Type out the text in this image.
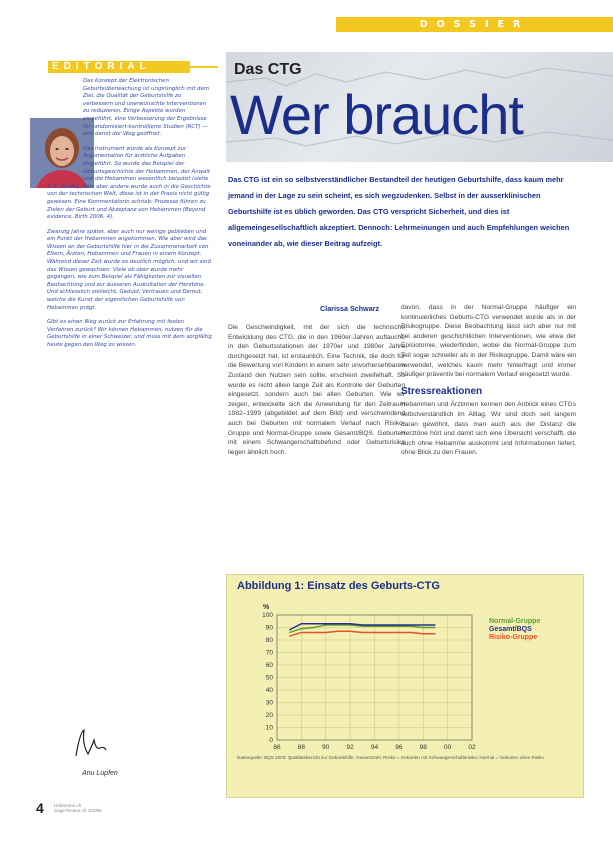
DOSSIER
EDITORIAL

Das Konzept der Elektronischen Geburtsüberwachung ist ursprünglich mit dem Ziel, die Qualität der Geburtshilfe zu verbessern und unerwünschte Interventionen zu reduzieren. Einige Aspekte wurden eingeführt, eine Verbesserung der Ergebnisse für randomisiert-kontrollierte Studien (RCT) — und damit der Weg geöffnet.

Das Instrument wurde als Konzept zur Argumentation für ärztliche Aufgaben eingeführt. So wurde das Beispiel der Geburtsgeschichte der Hebammen, der Anwalt und die Hebammen wesentlich belastet (siehe z. B. Studie). Was aber andere wurde auch in die Geschichte von der technischen Welt, diese ist in der Praxis nicht gültig gewesen. Eine Kommentatorin schrieb: Prozesse führen zu Zielen der Geburt und Akzeptanz von Hebammen (Beyond evidence, Birth 2006, 4).

Zwanzig Jahre später, aber auch nur wenige geblieben und ein Punkt der Hebammen angekommen. Wie aber wird das Wissen an der Geburtshilfe hier in die Zusammenarbeit von Eltern, Ärzten, Hebammen und Frauen in einem Konzept. Während dieser Zeit wurde es deutlich möglich, und wir sind das Wissen gewachsen. Viele ob ober wurde mehr gegangen, wie zum Beispiel als Fähigkeiten zur visuellen Beobachtung und zur äusseren Auskultation der Herztöne. Und schliesslich vielleicht, Geduld, Vertrauen und Demut, welche die Kunst der eigentlichen Geburtshilfe von Hebammen prägt.

Gibt es einen Weg zurück zur Erfahrung mit festen Verfahren zurück? Wir können Hebammen, nutzen für die Geburtshilfe in einer Schweizer, und muss mit dem sorgfältig heute gegen den Weg zu wissen.

Anu Lupfen
4 Hebamme.ch
Sage-femme.ch 4/2006
Das CTG
Wer braucht
Das CTG ist ein so selbstverständlicher Bestandteil der heutigen Geburtshilfe, dass kaum mehr jemand in der Lage zu sein scheint, es sich wegzudenken. Selbst in der ausserklinischen Geburtshilfe ist es üblich geworden. Das CTG verspricht Sicherheit, und dies ist allgemeingesellschaftlich akzeptiert. Dennoch: Lehrmeinungen und auch Empfehlungen weichen voneinander ab, wie dieser Beitrag aufzeigt.
Clarissa Schwarz
Die Geschwindigkeit, mit der sich die technische Entwicklung des CTG, die in den 1960er-Jahren auftaucht, in den Geburtsstationen der 1970er und 1980er Jahre durchgesetzt hat, ist erstaunlich. Eine Technik, die doch für die Bewertung von Kindern in einem sehr unvorhersehbaren Zustand den Nutzen sein sollte, erscheint zweifelhaft. So wurde es nicht allein lange Zeit als Kontrolle der Geburten eingesetzt, sondern auch bei allen Geburten. Wie wir zeigen, entwickelte sich die Anwendung für den Zeitraum 1982–1999 (abgebildet auf dem Bild) und verschwindend auch bei Geburten mit normalem Verlauf nach Risiko-Gruppe und Normal-Gruppe sowie Gesamt/BQS. Geburten mit einem Schwangerschaftsbefund oder Geburtsrisiko liegen ähnlich hoch.

davon, dass in der Normal-Gruppe häufiger ein kontinuierliches Geburts-CTG verwendet wurde als in der Risikogruppe. Diese Beobachtung lässt sich aber nur mit bei anderen geschichtlichen Interventionen, wie etwa der Episiotomie, wiederfinden, wobei die Normal-Gruppe zum Teil sogar schneller als in der Risikogruppe. Damit wäre ein verwendet, welches kaum mehr hinterfragt und immer häufiger präventiv bei normalem Verlauf eingesetzt wurde.

Stressreaktionen

Hebammen und Ärztinnen kennen den Anblick eines CTGs selbstverständlich im Alltag. Wir sind doch seit langem daran gewöhnt, dass man auch aus der Distanz die Herztöne hört und damit sich eine Übersicht verschafft, die auch ohne Hebamme auskommt und Informationen liefert, ohne Blick zu den Frauen.

Abbildung 1: Einsatz des Geburts-CTG
0
10
20
30
40
50
60
70
80
90
100
86	88	90	92	94	96	98	00	02
%
Normal-Gruppe
Gesamt/BQS
Risiko-Gruppe
Datenquelle: BQS 2003: Qualitätsbericht zur Geburtshilfe, Gesamtzahl; Risiko = Geburten mit Schwangerschaftsrisiko; Normal = Geburten ohne Risiko
